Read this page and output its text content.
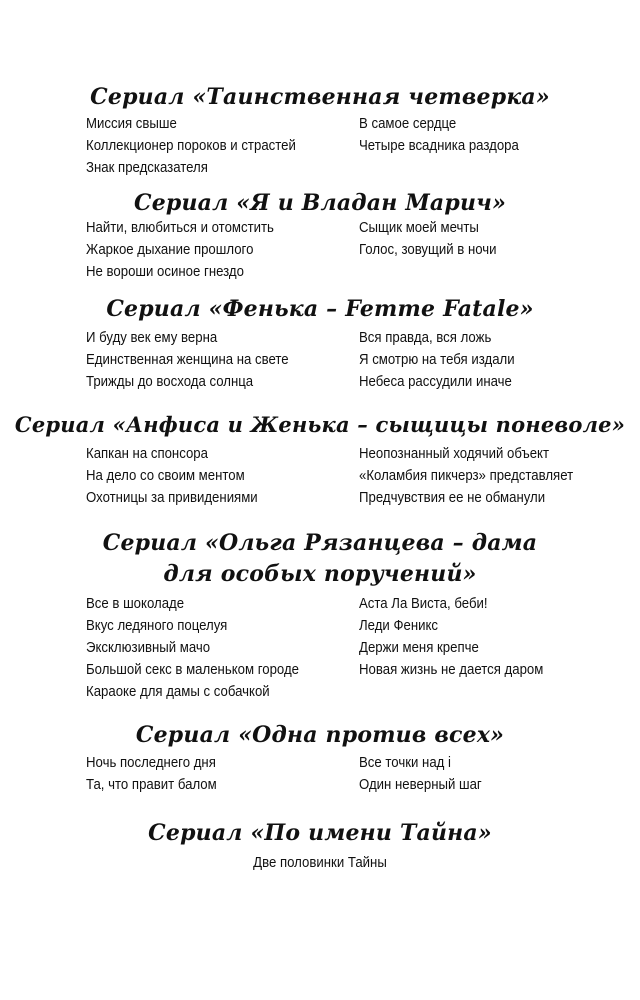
Сериал «Таинственная четверка»
Миссия свыше
Коллекционер пороков и страстей
Знак предсказателя
В самое сердце
Четыре всадника раздора
Сериал «Я и Владан Марич»
Найти, влюбиться и отомстить
Жаркое дыхание прошлого
Не вороши осиное гнездо
Сыщик моей мечты
Голос, зовущий в ночи
Сериал «Фенька – Femme Fatale»
И буду век ему верна
Единственная женщина на свете
Трижды до восхода солнца
Вся правда, вся ложь
Я смотрю на тебя издали
Небеса рассудили иначе
Сериал «Анфиса и Женька – сыщицы поневоле»
Капкан на спонсора
На дело со своим ментом
Охотницы за привидениями
Неопознанный ходячий объект
«Коламбия пикчерз» представляет
Предчувствия ее не обманули
Сериал «Ольга Рязанцева – дама
для особых поручений»
Все в шоколаде
Вкус ледяного поцелуя
Эксклюзивный мачо
Большой секс в маленьком городе
Караоке для дамы с собачкой
Аста Ла Виста, беби!
Леди Феникс
Держи меня крепче
Новая жизнь не дается даром
Сериал «Одна против всех»
Ночь последнего дня
Та, что правит балом
Все точки над i
Один неверный шаг
Сериал «По имени Тайна»
Две половинки Тайны
